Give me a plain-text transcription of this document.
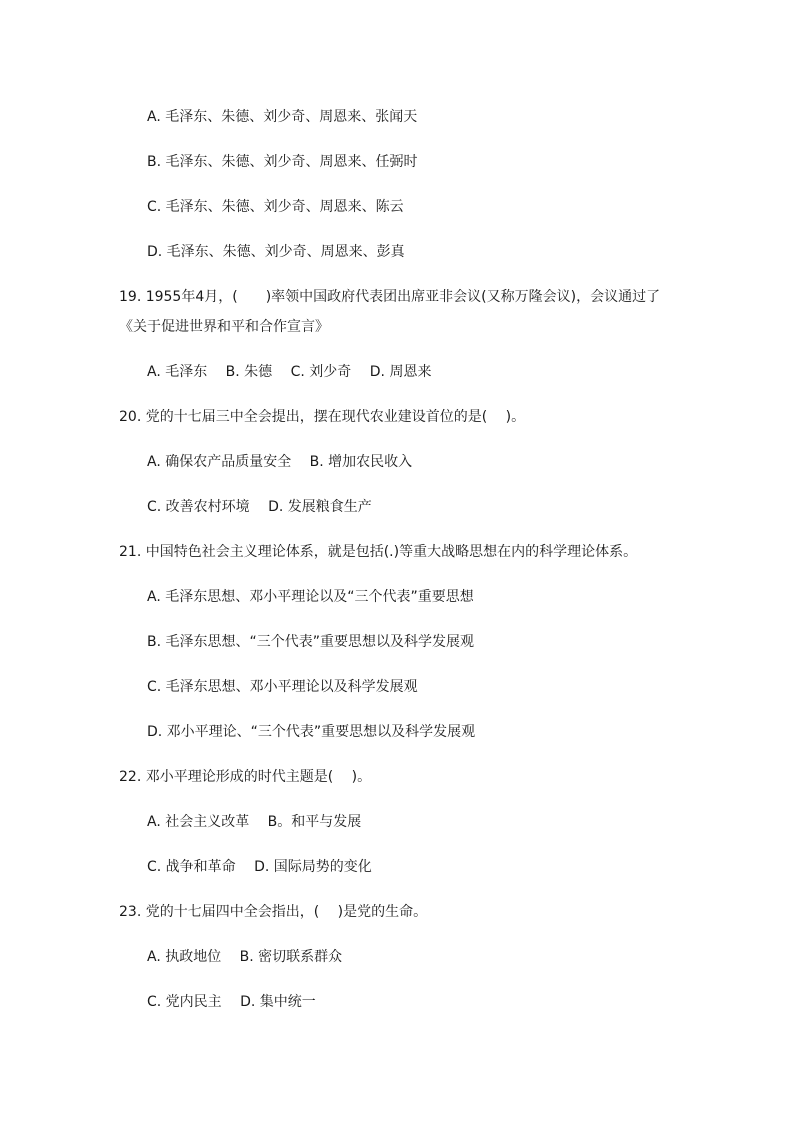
A. 毛泽东、朱德、刘少奇、周恩来、张闻天
B. 毛泽东、朱德、刘少奇、周恩来、任弼时
C. 毛泽东、朱德、刘少奇、周恩来、陈云
D. 毛泽东、朱德、刘少奇、周恩来、彭真
19. 1955年4月，(　　)率领中国政府代表团出席亚非会议(又称万隆会议)，会议通过了
《关于促进世界和平和合作宣言》
A. 毛泽东　 B. 朱德　 C. 刘少奇　 D. 周恩来
20. 党的十七届三中全会提出，摆在现代农业建设首位的是(　 )。
A. 确保农产品质量安全　 B. 增加农民收入
C. 改善农村环境　 D. 发展粮食生产
21. 中国特色社会主义理论体系，就是包括(.)等重大战略思想在内的科学理论体系。
A. 毛泽东思想、邓小平理论以及“三个代表”重要思想
B. 毛泽东思想、“三个代表”重要思想以及科学发展观
C. 毛泽东思想、邓小平理论以及科学发展观
D. 邓小平理论、“三个代表”重要思想以及科学发展观
22. 邓小平理论形成的时代主题是(　 )。
A. 社会主义改革　 B。和平与发展
C. 战争和革命　 D. 国际局势的变化
23. 党的十七届四中全会指出，(　 )是党的生命。
A. 执政地位　 B. 密切联系群众
C. 党内民主　 D. 集中统一
